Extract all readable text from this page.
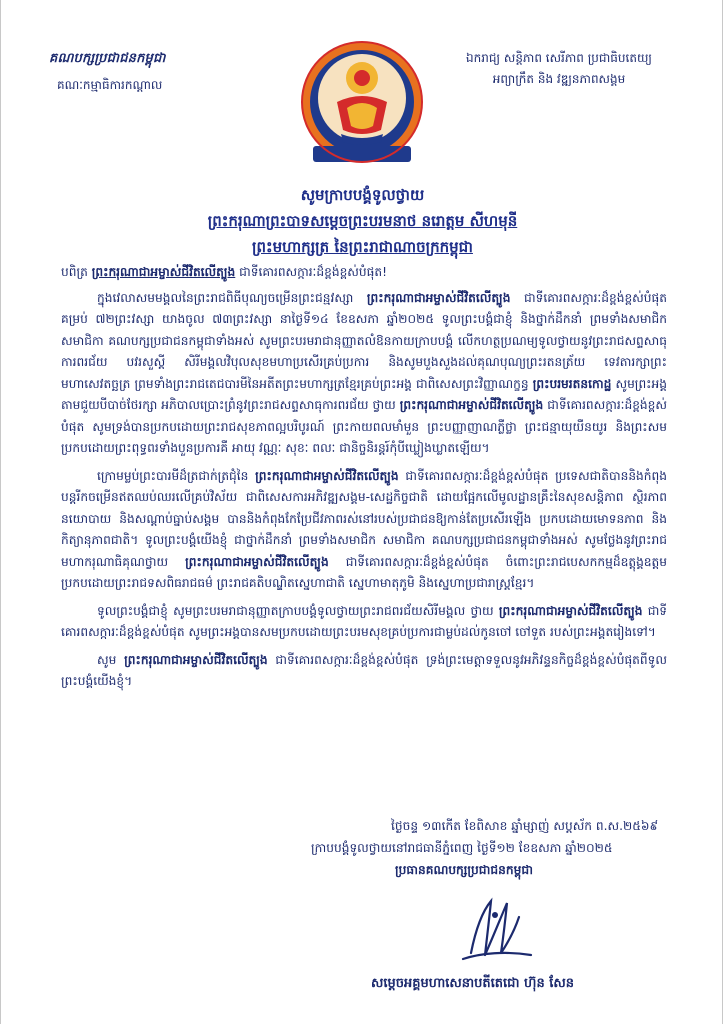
គណបក្សប្រជាជនកម្ពុជា
គណៈកម្មាធិការកណ្តាល
ឯករាជ្យ សន្តិភាព សេរីភាព ប្រជាធិបតេយ្យ
អព្យាក្រឹត និង វឌ្ឍនភាពសង្គម
សូមក្រាបបង្គំទូលថ្វាយ
ព្រះករុណាព្រះបាទសម្តេចព្រះបរមនាថ នរោត្តម សីហមុនី
ព្រះមហាក្សត្រ នៃព្រះរាជាណាចក្រកម្ពុជា
បពិត្រ ព្រះករុណាជាអម្ចាស់ជីវិតលើត្បូង ជាទីគោរពសក្ការៈដ៏ខ្ពង់ខ្ពស់បំផុត!

ក្នុងវេលាសមមង្គលនៃព្រះរាជពិធីបុណ្យចម្រើនព្រះជន្មវស្សា ព្រះករុណាជាអម្ចាស់ជីវិតលើត្បូង ជាទីគោរពសក្ការៈដ៏ខ្ពង់ខ្ពស់បំផុត គម្រប់ ៧២ព្រះវស្សា យាងចូល ៧៣ព្រះវស្សា នាថ្ងៃទី១៤ ខែឧសភា ឆ្នាំ២០២៥ ទូលព្រះបង្គំជាខ្ញុំ និងថ្នាក់ដឹកនាំ ព្រមទាំងសមាជិក សមាជិកា គណបក្សប្រជាជនកម្ពុជាទាំងអស់ សូមព្រះបរមរាជានុញ្ញាតលំឱនកាយក្រាបបង្គំ លើកហត្ថប្រណម្យទូលថ្វាយនូវព្រះរាជសព្ទសាធុការពរជ័យ បវរសួស្តី សិរីមង្គលវិបុលសុខមហាប្រសើរគ្រប់ប្រការ និងសូមបួងសួងដល់គុណបុណ្យព្រះរតនត្រ័យ ទេវតារក្សាព្រះមហាសេវតច្ឆត្រ ព្រមទាំងព្រះរាជតេជបារមីនៃអតីតព្រះមហាក្សត្រខ្មែរគ្រប់ព្រះអង្គ ជាពិសេសព្រះវិញ្ញាណក្ខន្ធ ព្រះបរមរតនកោដ្ឋ សូមព្រះអង្គតាមជួយបីបាច់ថែរក្សា អភិបាលប្រោះព្រំនូវព្រះរាជសព្ទសាធុការពរជ័យ ថ្វាយ ព្រះករុណាជាអម្ចាស់ជីវិតលើត្បូង ជាទីគោរពសក្ការៈដ៏ខ្ពង់ខ្ពស់បំផុត សូមទ្រង់បានប្រកបដោយព្រះរាជសុខភាពល្អបរិបូរណ៍ ព្រះកាយពលមាំមួន ព្រះបញ្ញាញាណភ្លឺថ្លា ព្រះជន្មាយុយឺនយូរ និងព្រះសមប្រកបដោយព្រះពុទ្ធពរទាំងបួនប្រការគឺ អាយុ វណ្ណៈ សុខៈ ពលៈ ជានិច្ចនិរន្តរ៍កុំបីឃ្លៀងឃ្លាតឡើយ។

ក្រោមម្លប់ព្រះបារមីដ៏ត្រជាក់ត្រជុំនៃ ព្រះករុណាជាអម្ចាស់ជីវិតលើត្បូង ជាទីគោរពសក្ការៈដ៏ខ្ពង់ខ្ពស់បំផុត ប្រទេសជាតិបាននិងកំពុងបន្តរីកចម្រើនឥតឈប់ឈរលើគ្រប់វិស័យ ជាពិសេសការអភិវឌ្ឍសង្គម-សេដ្ឋកិច្ចជាតិ ដោយផ្អែកលើមូលដ្ឋានគ្រឹះនៃសុខសន្តិភាព ស្ថិរភាពនយោបាយ និងសណ្តាប់ធ្នាប់សង្គម បាននិងកំពុងកែប្រែជីវភាពរស់នៅរបស់ប្រជាជនឱ្យកាន់តែប្រសើរឡើង ប្រកបដោយមោទនភាព និងកិត្យានុភាពជាតិ។ ទូលព្រះបង្គំយើងខ្ញុំ ជាថ្នាក់ដឹកនាំ ព្រមទាំងសមាជិក សមាជិកា គណបក្សប្រជាជនកម្ពុជាទាំងអស់ សូមថ្លែងនូវព្រះរាជមហាករុណាធិគុណថ្វាយ ព្រះករុណាជាអម្ចាស់ជីវិតលើត្បូង ជាទីគោរពសក្ការៈដ៏ខ្ពង់ខ្ពស់បំផុត ចំពោះព្រះរាជបេសកកម្មដ៏ឧត្តុង្គឧត្តម ប្រកបដោយព្រះរាជទសពិធរាជធម៌ ព្រះរាជគតិបណ្ឌិតស្នេហាជាតិ ស្នេហាមាតុភូមិ និងស្នេហាប្រជារាស្ត្រខ្មែរ។

ទូលព្រះបង្គំជាខ្ញុំ សូមព្រះបរមរាជានុញ្ញាតក្រាបបង្គំទូលថ្វាយព្រះរាជពរជ័យសិរីមង្គល ថ្វាយ ព្រះករុណាជាអម្ចាស់ជីវិតលើត្បូង ជាទីគោរពសក្ការៈដ៏ខ្ពង់ខ្ពស់បំផុត សូមព្រះអង្គបានសមប្រកបដោយព្រះបរមសុខគ្រប់ប្រការជាម្លប់ដល់កូនចៅ ចៅទួត របស់ព្រះអង្គតរៀងទៅ។

សូម ព្រះករុណាជាអម្ចាស់ជីវិតលើត្បូង ជាទីគោរពសក្ការៈដ៏ខ្ពង់ខ្ពស់បំផុត ទ្រង់ព្រះមេត្តាទទួលនូវអភិវន្ទនកិច្ចដ៏ខ្ពង់ខ្ពស់បំផុតពីទូលព្រះបង្គំយើងខ្ញុំ។

ថ្ងៃចន្ទ ១៣កើត ខែពិសាខ ឆ្នាំម្សាញ់ សប្តស័ក ព.ស.២៥៦៩
ក្រាបបង្គំទូលថ្វាយនៅរាជធានីភ្នំពេញ ថ្ងៃទី១២ ខែឧសភា ឆ្នាំ២០២៥
ប្រធានគណបក្សប្រជាជនកម្ពុជា
សម្តេចអគ្គមហាសេនាបតីតេជោ ហ៊ុន សែន
